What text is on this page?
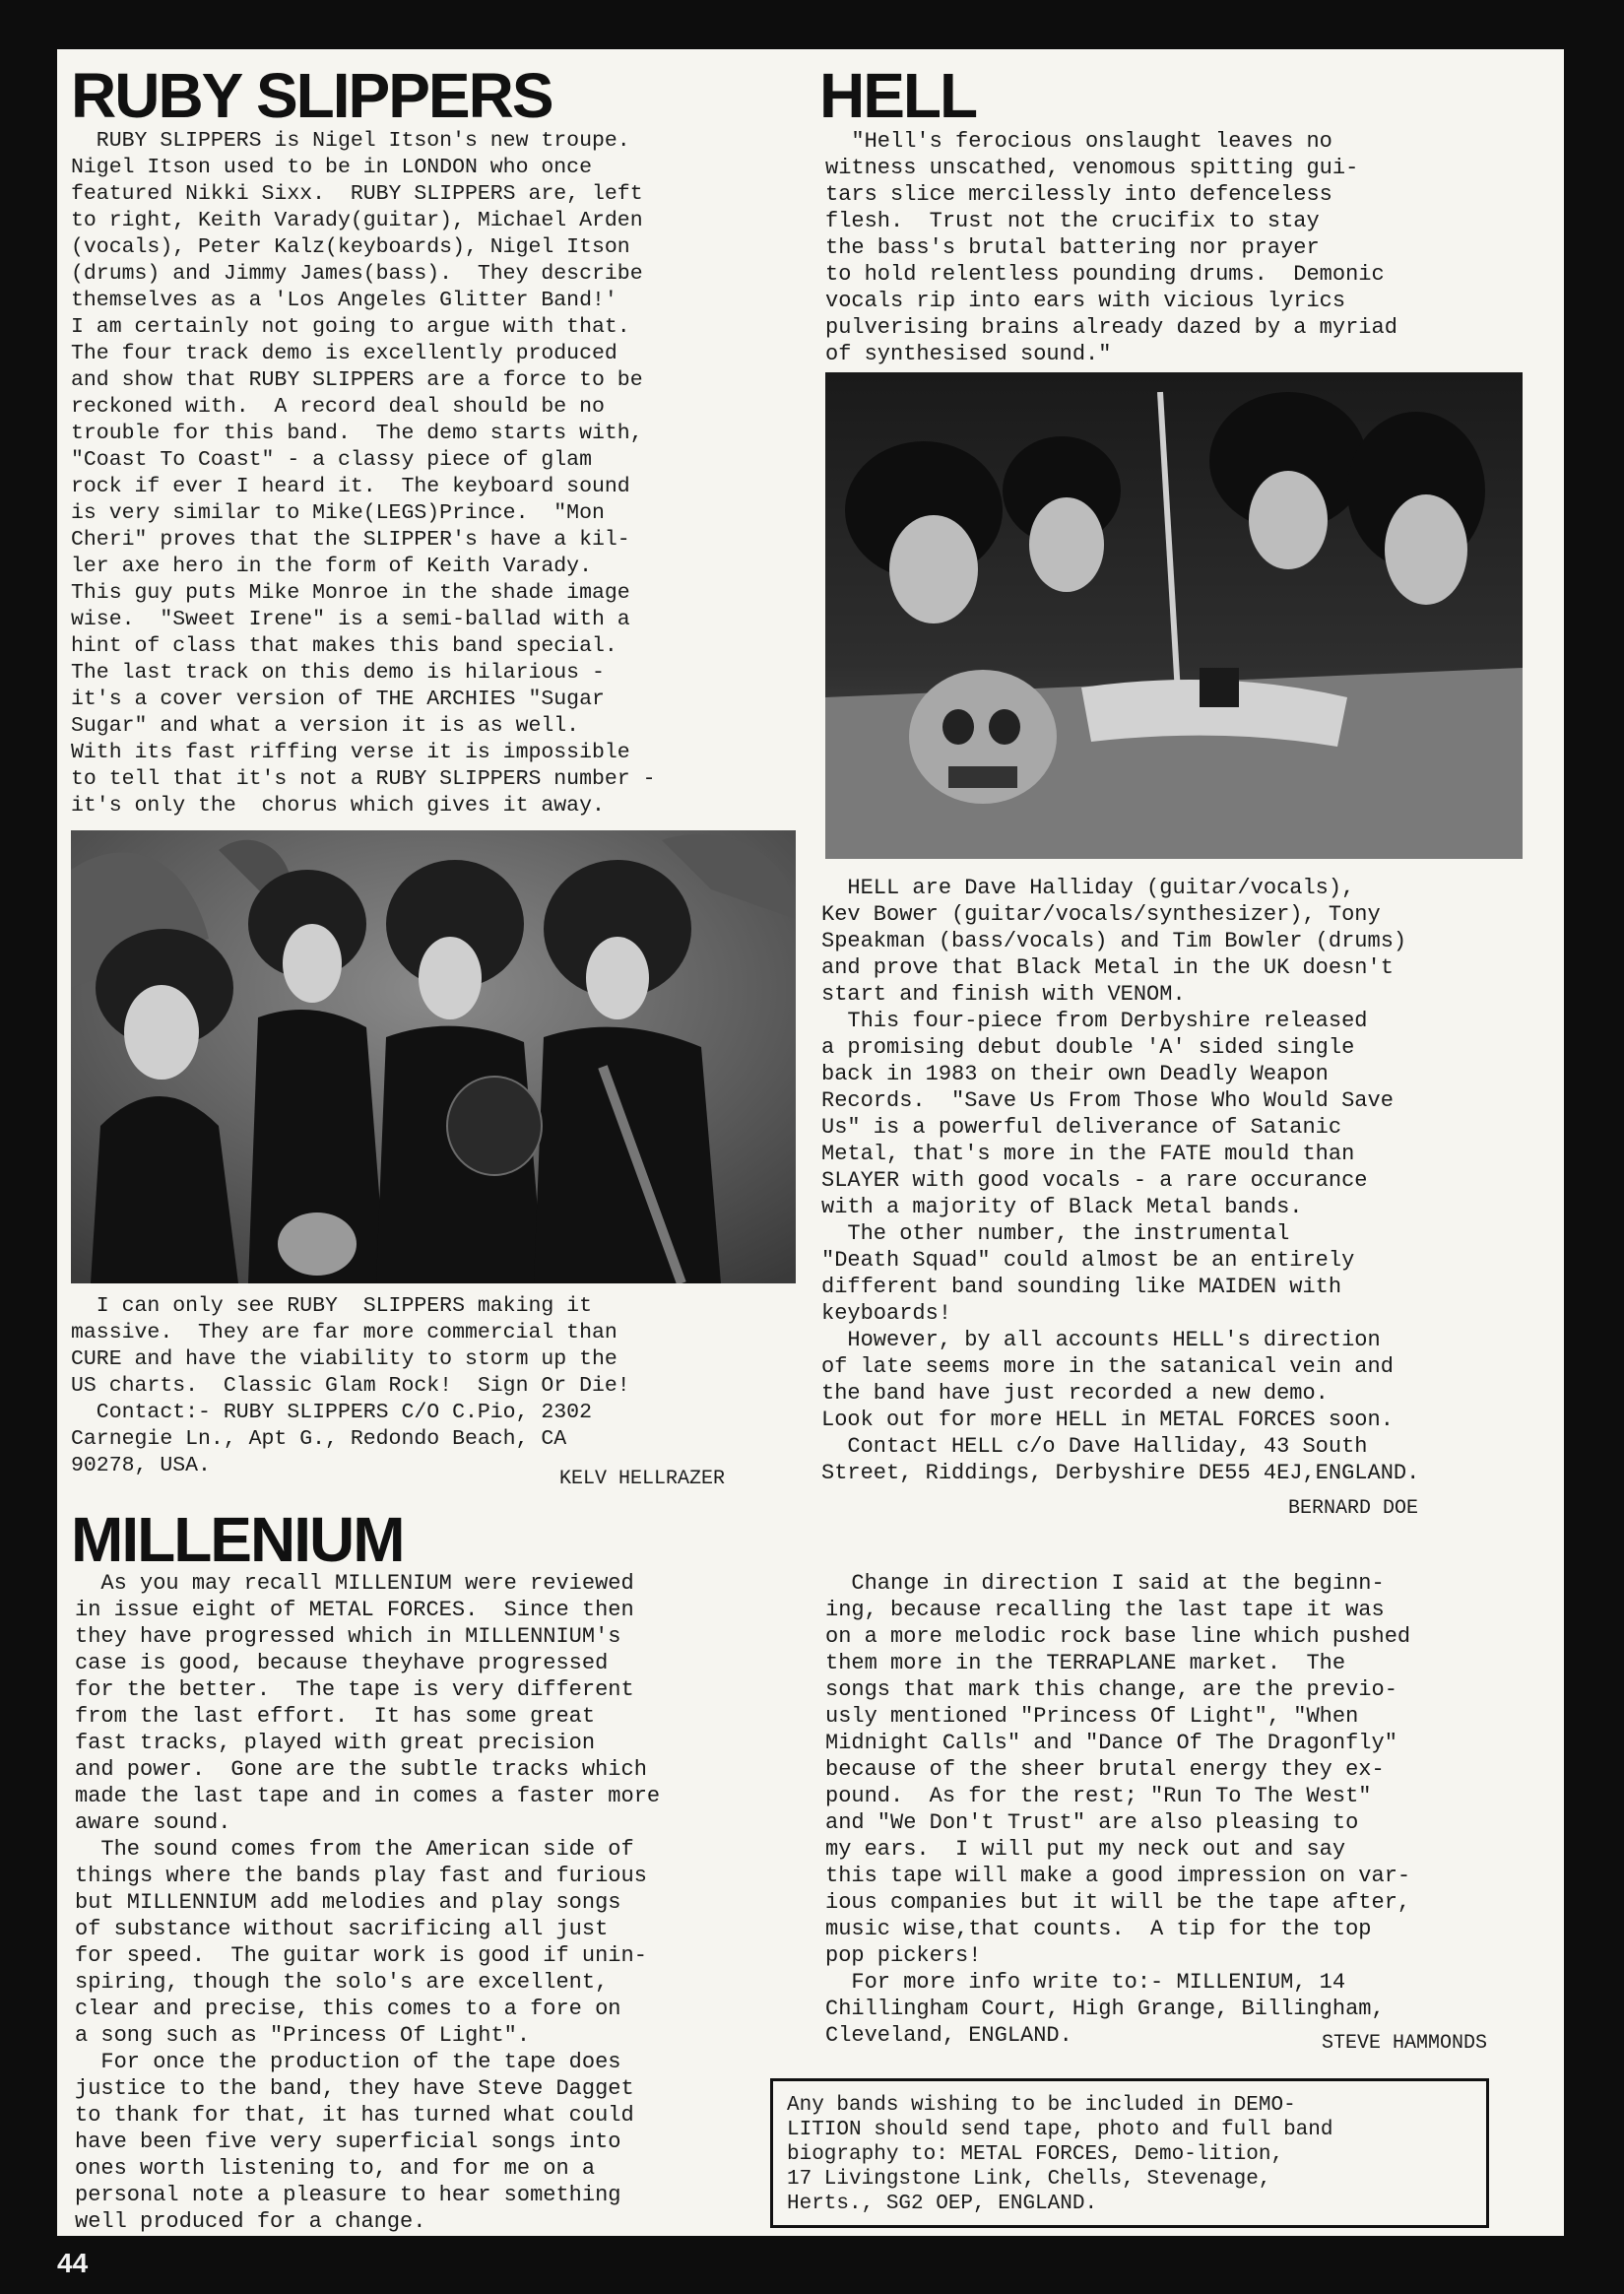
RUBY SLIPPERS

RUBY SLIPPERS is Nigel Itson's new troupe.
Nigel Itson used to be in LONDON who once
featured Nikki Sixx.  RUBY SLIPPERS are, left
to right, Keith Varady(guitar), Michael Arden
(vocals), Peter Kalz(keyboards), Nigel Itson
(drums) and Jimmy James(bass).  They describe
themselves as a 'Los Angeles Glitter Band!'
I am certainly not going to argue with that.
The four track demo is excellently produced
and show that RUBY SLIPPERS are a force to be
reckoned with.  A record deal should be no
trouble for this band.  The demo starts with,
"Coast To Coast" - a classy piece of glam
rock if ever I heard it.  The keyboard sound
is very similar to Mike(LEGS)Prince.  "Mon
Cheri" proves that the SLIPPER's have a kil-
ler axe hero in the form of Keith Varady.
This guy puts Mike Monroe in the shade image
wise.  "Sweet Irene" is a semi-ballad with a
hint of class that makes this band special.
The last track on this demo is hilarious -
it's a cover version of THE ARCHIES "Sugar
Sugar" and what a version it is as well.
With its fast riffing verse it is impossible
to tell that it's not a RUBY SLIPPERS number -
it's only the  chorus which gives it away.

I can only see RUBY  SLIPPERS making it
massive.  They are far more commercial than
CURE and have the viability to storm up the
US charts.  Classic Glam Rock!  Sign Or Die!
Contact:- RUBY SLIPPERS C/O C.Pio, 2302
Carnegie Ln., Apt G., Redondo Beach, CA
90278, USA.

KELV HELLRAZER
HELL

"Hell's ferocious onslaught leaves no
witness unscathed, venomous spitting gui-
tars slice mercilessly into defenceless
flesh.  Trust not the crucifix to stay
the bass's brutal battering nor prayer
to hold relentless pounding drums.  Demonic
vocals rip into ears with vicious lyrics
pulverising brains already dazed by a myriad
of synthesised sound."

HELL are Dave Halliday (guitar/vocals),
Kev Bower (guitar/vocals/synthesizer), Tony
Speakman (bass/vocals) and Tim Bowler (drums)
and prove that Black Metal in the UK doesn't
start and finish with VENOM.
This four-piece from Derbyshire released
a promising debut double 'A' sided single
back in 1983 on their own Deadly Weapon
Records.  "Save Us From Those Who Would Save
Us" is a powerful deliverance of Satanic
Metal, that's more in the FATE mould than
SLAYER with good vocals - a rare occurance
with a majority of Black Metal bands.
The other number, the instrumental
"Death Squad" could almost be an entirely
different band sounding like MAIDEN with
keyboards!
However, by all accounts HELL's direction
of late seems more in the satanical vein and
the band have just recorded a new demo.
Look out for more HELL in METAL FORCES soon.
Contact HELL c/o Dave Halliday, 43 South
Street, Riddings, Derbyshire DE55 4EJ,ENGLAND.

BERNARD DOE
MILLENIUM

As you may recall MILLENIUM were reviewed
in issue eight of METAL FORCES.  Since then
they have progressed which in MILLENNIUM's
case is good, because theyhave progressed
for the better.  The tape is very different
from the last effort.  It has some great
fast tracks, played with great precision
and power.  Gone are the subtle tracks which
made the last tape and in comes a faster more
aware sound.
The sound comes from the American side of
things where the bands play fast and furious
but MILLENNIUM add melodies and play songs
of substance without sacrificing all just
for speed.  The guitar work is good if unin-
spiring, though the solo's are excellent,
clear and precise, this comes to a fore on
a song such as "Princess Of Light".
For once the production of the tape does
justice to the band, they have Steve Dagget
to thank for that, it has turned what could
have been five very superficial songs into
ones worth listening to, and for me on a
personal note a pleasure to hear something
well produced for a change.

Change in direction I said at the beginn-
ing, because recalling the last tape it was
on a more melodic rock base line which pushed
them more in the TERRAPLANE market.  The
songs that mark this change, are the previo-
usly mentioned "Princess Of Light", "When
Midnight Calls" and "Dance Of The Dragonfly"
because of the sheer brutal energy they ex-
pound.  As for the rest; "Run To The West"
and "We Don't Trust" are also pleasing to
my ears.  I will put my neck out and say
this tape will make a good impression on var-
ious companies but it will be the tape after,
music wise,that counts.  A tip for the top
pop pickers!
For more info write to:- MILLENIUM, 14
Chillingham Court, High Grange, Billingham,
Cleveland, ENGLAND.	STEVE HAMMONDS
Any bands wishing to be included in DEMO-
LITION should send tape, photo and full band
biography to: METAL FORCES, Demo-lition,
17 Livingstone Link, Chells, Stevenage,
Herts., SG2 OEP, ENGLAND.
44
